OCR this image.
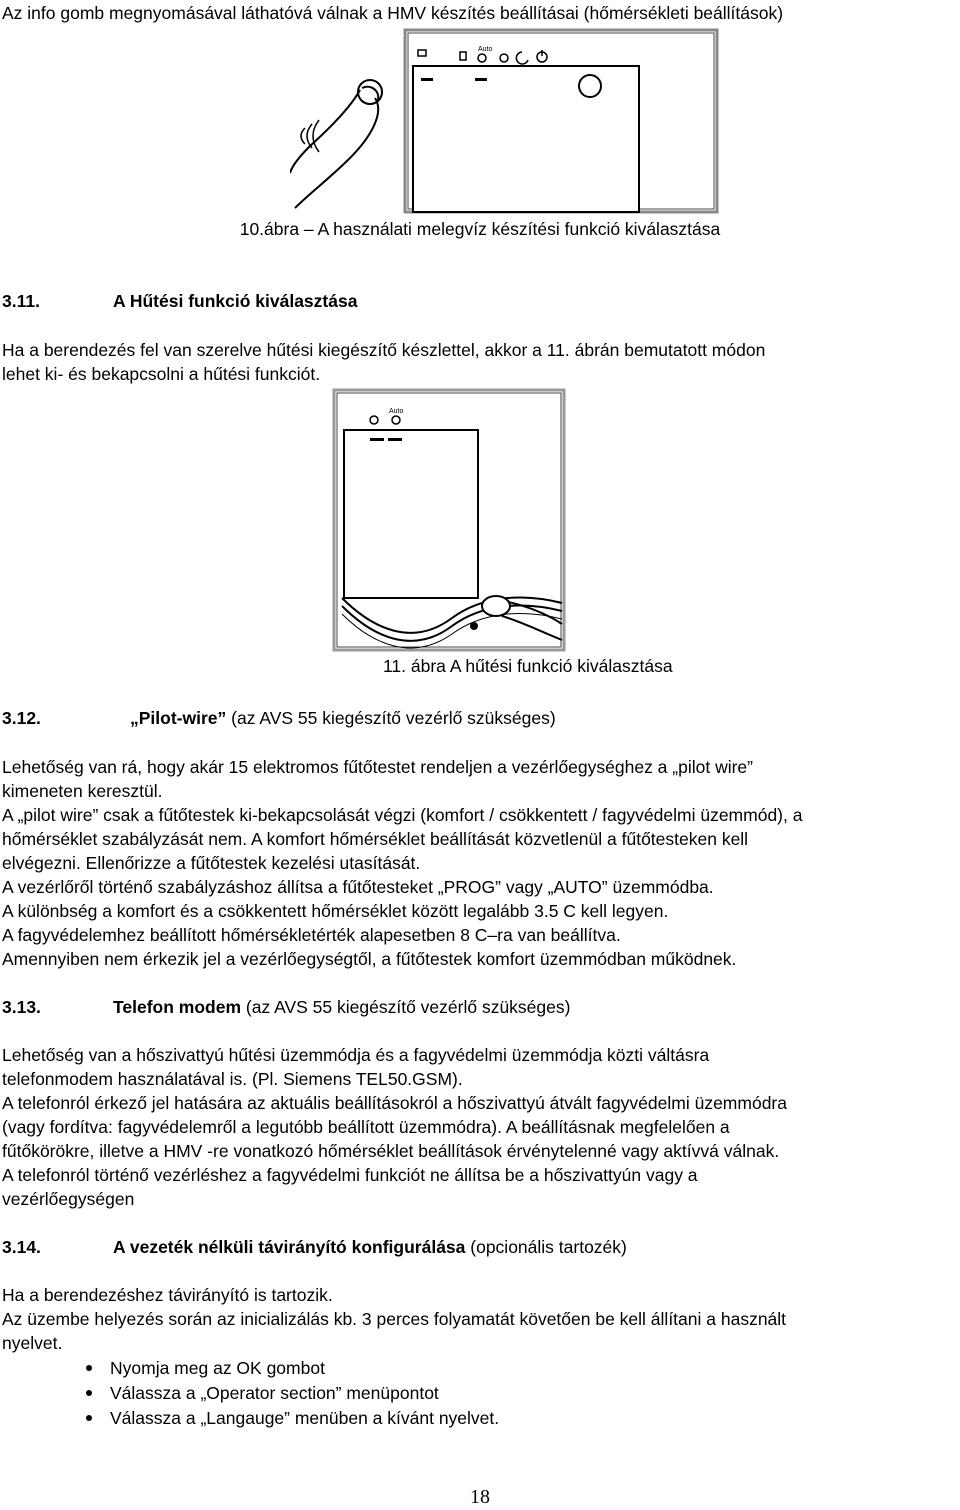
Az info gomb megnyomásával láthatóvá válnak a HMV készítés beállításai (hőmérsékleti beállítások)
Auto
10.ábra – A használati melegvíz készítési funkció kiválasztása
3.11.	A Hűtési funkció kiválasztása
Ha a berendezés fel van szerelve hűtési kiegészítő készlettel, akkor a 11. ábrán bemutatott módon
lehet ki- és bekapcsolni a hűtési funkciót.
Auto
11. ábra A hűtési funkció kiválasztása
3.12.	„Pilot-wire” (az AVS 55 kiegészítő vezérlő szükséges)
Lehetőség van rá, hogy akár 15 elektromos fűtőtestet rendeljen a vezérlőegységhez a „pilot wire”
kimeneten keresztül.
A „pilot wire” csak a fűtőtestek ki-bekapcsolását végzi (komfort / csökkentett / fagyvédelmi üzemmód), a
hőmérséklet szabályzását nem. A komfort hőmérséklet beállítását közvetlenül a fűtőtesteken kell
elvégezni. Ellenőrizze a fűtőtestek kezelési utasítását.
A vezérlőről történő szabályzáshoz állítsa a fűtőtesteket „PROG” vagy „AUTO” üzemmódba.
A különbség a komfort és a csökkentett hőmérséklet között legalább 3.5 C kell legyen.
A fagyvédelemhez beállított hőmérsékletérték alapesetben 8 C–ra van beállítva.
Amennyiben nem érkezik jel a vezérlőegységtől, a fűtőtestek komfort üzemmódban működnek.
3.13.	Telefon modem (az AVS 55 kiegészítő vezérlő szükséges)
Lehetőség van a hőszivattyú hűtési üzemmódja és a fagyvédelmi üzemmódja közti váltásra
telefonmodem használatával is. (Pl. Siemens TEL50.GSM).
A telefonról érkező jel hatására az aktuális beállításokról a hőszivattyú átvált fagyvédelmi üzemmódra
(vagy fordítva: fagyvédelemről a legutóbb beállított üzemmódra). A beállításnak megfelelően a
fűtőkörökre, illetve a HMV -re vonatkozó hőmérséklet beállítások érvénytelenné vagy aktívvá válnak.
A telefonról történő vezérléshez a fagyvédelmi funkciót ne állítsa be a hőszivattyún vagy a
vezérlőegységen
3.14.	A vezeték nélküli távirányító konfigurálása (opcionális tartozék)
Ha a berendezéshez távirányító is tartozik.
Az üzembe helyezés során az inicializálás kb. 3 perces folyamatát követően be kell állítani a használt
nyelvet.
Nyomja meg az OK gombot
Válassza a „Operator section” menüpontot
Válassza a „Langauge” menüben a kívánt nyelvet.
18
